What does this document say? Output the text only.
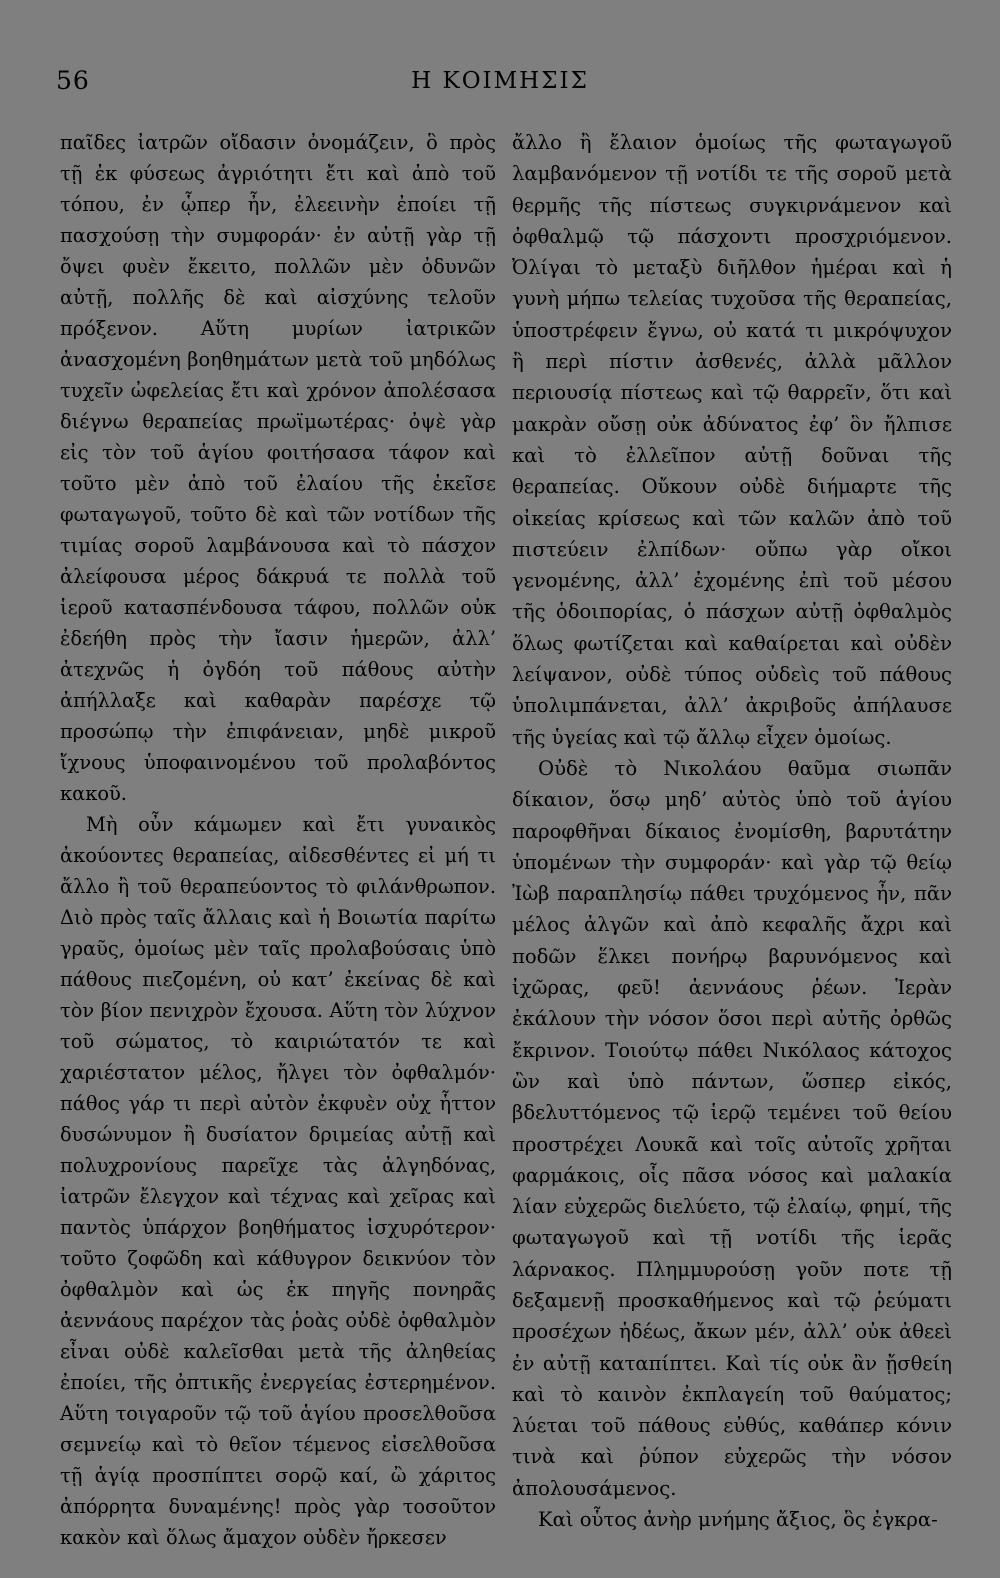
56	Η ΚΟΙΜΗΣΙΣ

παῖδες ἰατρῶν οἴδασιν ὀνομάζειν, ὃ πρὸς τῇ ἐκ φύσεως ἀγριότητι ἔτι καὶ ἀπὸ τοῦ τόπου, ἐν ᾧπερ ἦν, ἐλεεινὴν ἐποίει τῇ πασχούσῃ τὴν συμφοράν· ἐν αὐτῇ γὰρ τῇ ὄψει φυὲν ἔκειτο, πολλῶν μὲν ὀδυνῶν αὐτῇ, πολλῆς δὲ καὶ αἰσχύνης τελοῦν πρόξενον. Αὕτη μυρίων ἰατρικῶν ἀνασχομένη βοηθημάτων μετὰ τοῦ μηδόλως τυχεῖν ὠφελείας ἔτι καὶ χρόνον ἀπολέσασα διέγνω θεραπείας πρωϊμωτέρας· ὀψὲ γὰρ εἰς τὸν τοῦ ἁγίου φοιτήσασα τάφον καὶ τοῦτο μὲν ἀπὸ τοῦ ἐλαίου τῆς ἐκεῖσε φωταγωγοῦ, τοῦτο δὲ καὶ τῶν νοτίδων τῆς τιμίας σοροῦ λαμβάνουσα καὶ τὸ πάσχον ἀλείφουσα μέρος δάκρυά τε πολλὰ τοῦ ἱεροῦ κατασπένδουσα τάφου, πολλῶν οὐκ ἐδεήθη πρὸς τὴν ἴασιν ἡμερῶν, ἀλλ’ ἀτεχνῶς ἡ ὀγδόη τοῦ πάθους αὐτὴν ἀπήλλαξε καὶ καθαρὰν παρέσχε τῷ προσώπῳ τὴν ἐπιφάνειαν, μηδὲ μικροῦ ἴχνους ὑποφαινομένου τοῦ προλαβόντος κακοῦ.

Μὴ οὖν κάμωμεν καὶ ἔτι γυναικὸς ἀκούοντες θεραπείας, αἰδεσθέντες εἰ μή τι ἄλλο ἢ τοῦ θεραπεύοντος τὸ φιλάνθρωπον. Διὸ πρὸς ταῖς ἄλλαις καὶ ἡ Βοιωτία παρίτω γραῦς, ὁμοίως μὲν ταῖς προλαβούσαις ὑπὸ πάθους πιεζομένη, οὐ κατ’ ἐκείνας δὲ καὶ τὸν βίον πενιχρὸν ἔχουσα. Αὕτη τὸν λύχνον τοῦ σώματος, τὸ καιριώτατόν τε καὶ χαριέστατον μέλος, ἤλγει τὸν ὀφθαλμόν· πάθος γάρ τι περὶ αὐτὸν ἐκφυὲν οὐχ ἧττον δυσώνυμον ἢ δυσίατον δριμείας αὐτῇ καὶ πολυχρονίους παρεῖχε τὰς ἀλγηδόνας, ἰατρῶν ἔλεγχον καὶ τέχνας καὶ χεῖρας καὶ παντὸς ὑπάρχον βοηθήματος ἰσχυρότερον· τοῦτο ζοφῶδη καὶ κάθυγρον δεικνύον τὸν ὀφθαλμὸν καὶ ὡς ἐκ πηγῆς πονηρᾶς ἀεννάους παρέχον τὰς ῥοὰς οὐδὲ ὀφθαλμὸν εἶναι οὐδὲ καλεῖσθαι μετὰ τῆς ἀληθείας ἐποίει, τῆς ὀπτικῆς ἐνεργείας ἐστερημένον. Αὕτη τοιγαροῦν τῷ τοῦ ἁγίου προσελθοῦσα σεμνείῳ καὶ τὸ θεῖον τέμενος εἰσελθοῦσα τῇ ἁγίᾳ προσπίπτει σορῷ καί, ὢ χάριτος ἀπόρρητα δυναμένης! πρὸς γὰρ τοσοῦτον κακὸν καὶ ὅλως ἄμαχον οὐδὲν ἤρκεσεν

ἄλλο ἢ ἔλαιον ὁμοίως τῆς φωταγωγοῦ λαμβανόμενον τῇ νοτίδι τε τῆς σοροῦ μετὰ θερμῆς τῆς πίστεως συγκιρνάμενον καὶ ὀφθαλμῷ τῷ πάσχοντι προσχριόμενον. Ὀλίγαι τὸ μεταξὺ διῆλθον ἡμέραι καὶ ἡ γυνὴ μήπω τελείας τυχοῦσα τῆς θεραπείας, ὑποστρέφειν ἔγνω, οὐ κατά τι μικρόψυχον ἢ περὶ πίστιν ἀσθενές, ἀλλὰ μᾶλλον περιουσίᾳ πίστεως καὶ τῷ θαρρεῖν, ὅτι καὶ μακρὰν οὔσῃ οὐκ ἀδύνατος ἐφ’ ὃν ἤλπισε καὶ τὸ ἐλλεῖπον αὐτῇ δοῦναι τῆς θεραπείας. Οὔκουν οὐδὲ διήμαρτε τῆς οἰκείας κρίσεως καὶ τῶν καλῶν ἀπὸ τοῦ πιστεύειν ἐλπίδων· οὔπω γὰρ οἴκοι γενομένης, ἀλλ’ ἐχομένης ἐπὶ τοῦ μέσου τῆς ὁδοιπορίας, ὁ πάσχων αὐτῇ ὀφθαλμὸς ὅλως φωτίζεται καὶ καθαίρεται καὶ οὐδὲν λείψανον, οὐδὲ τύπος οὐδεὶς τοῦ πάθους ὑπολιμπάνεται, ἀλλ’ ἀκριβοῦς ἀπήλαυσε τῆς ὑγείας καὶ τῷ ἄλλῳ εἶχεν ὁμοίως.

Οὐδὲ τὸ Νικολάου θαῦμα σιωπᾶν δίκαιον, ὅσῳ μηδ’ αὐτὸς ὑπὸ τοῦ ἁγίου παροφθῆναι δίκαιος ἐνομίσθη, βαρυτάτην ὑπομένων τὴν συμφοράν· καὶ γὰρ τῷ θείῳ Ἰὼβ παραπλησίῳ πάθει τρυχόμενος ἦν, πᾶν μέλος ἀλγῶν καὶ ἀπὸ κεφαλῆς ἄχρι καὶ ποδῶν ἕλκει πονήρῳ βαρυνόμενος καὶ ἰχῶρας, φεῦ! ἀεννάους ῥέων. Ἱερὰν ἐκάλουν τὴν νόσον ὅσοι περὶ αὐτῆς ὀρθῶς ἔκρινον. Τοιούτῳ πάθει Νικόλαος κάτοχος ὢν καὶ ὑπὸ πάντων, ὥσπερ εἰκός, βδελυττόμενος τῷ ἱερῷ τεμένει τοῦ θείου προστρέχει Λουκᾶ καὶ τοῖς αὐτοῖς χρῆται φαρμάκοις, οἷς πᾶσα νόσος καὶ μαλακία λίαν εὐχερῶς διελύετο, τῷ ἐλαίῳ, φημί, τῆς φωταγωγοῦ καὶ τῇ νοτίδι τῆς ἱερᾶς λάρνακος. Πλημμυρούσῃ γοῦν ποτε τῇ δεξαμενῇ προσκαθήμενος καὶ τῷ ῥεύματι προσέχων ἡδέως, ἄκων μέν, ἀλλ’ οὐκ ἀθεεὶ ἐν αὐτῇ καταπίπτει. Καὶ τίς οὐκ ἂν ᾔσθείη καὶ τὸ καινὸν ἐκπλαγείη τοῦ θαύματος; λύεται τοῦ πάθους εὐθύς, καθάπερ κόνιν τινὰ καὶ ῥύπον εὐχερῶς τὴν νόσον ἀπολουσάμενος.

Καὶ οὗτος ἀνὴρ μνήμης ἄξιος, ὃς ἐγκρα-
